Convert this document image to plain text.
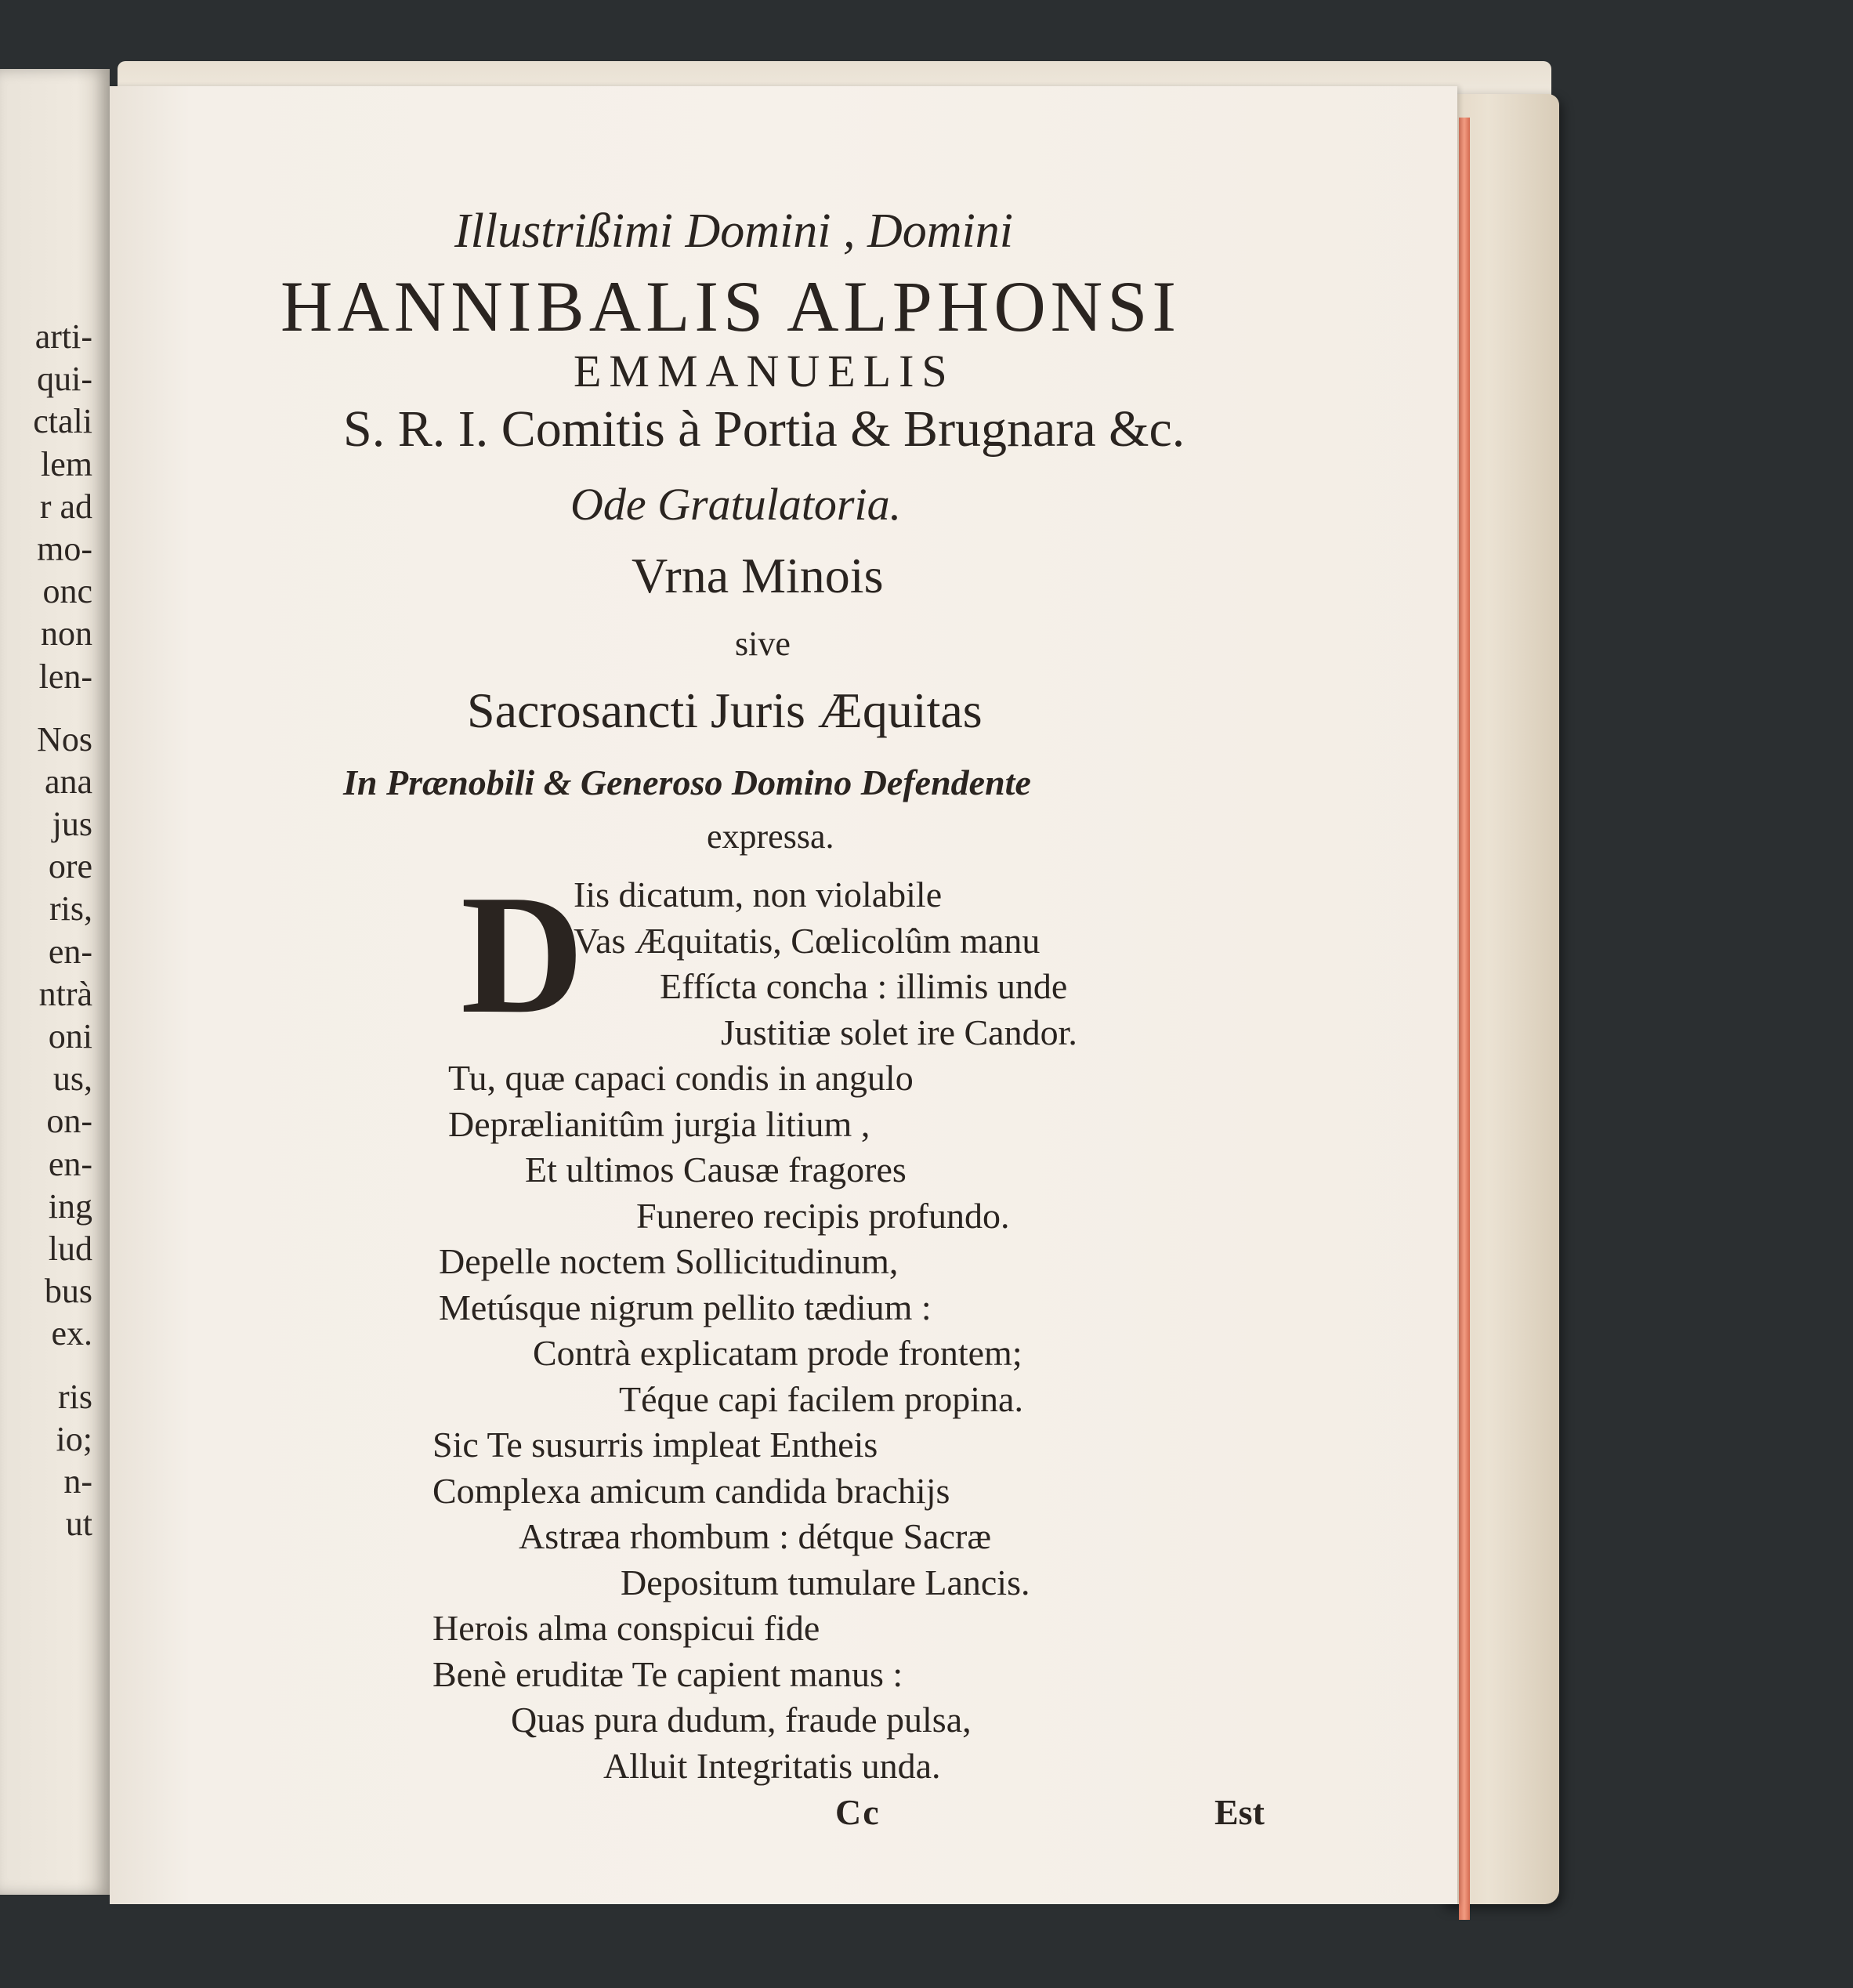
arti-
qui-
ctali
lem
r ad
mo-
onc
non
len-
Nos
ana
jus
ore
ris,
en-
ntrà
oni
us,
on-
en-
ing
lud
bus
ex.
ris
io;
n-
ut
Illustrißimi Domini , Domini
HANNIBALIS ALPHONSI
EMMANUELIS
S. R. I. Comitis à Portia & Brugnara &c.
Ode Gratulatoria.
Vrna Minois
sive
Sacrosancti Juris Æquitas
In Prænobili & Generoso Domino Defendente
expressa.
D
Iis dicatum, non violabile
Vas Æquitatis, Cœlicolûm manu
Effícta concha : illimis unde
Justitiæ solet ire Candor.
Tu, quæ capaci condis in angulo
Deprælianitûm jurgia litium ,
Et ultimos Causæ fragores
Funereo recipis profundo.
Depelle noctem Sollicitudinum,
Metúsque nigrum pellito tædium :
Contrà explicatam prode frontem;
Téque capi facilem propina.
Sic Te susurris impleat Entheis
Complexa amicum candida brachijs
Astræa rhombum : détque Sacræ
Depositum tumulare Lancis.
Herois alma conspicui fide
Benè eruditæ Te capient manus :
Quas pura dudum, fraude pulsa,
Alluit Integritatis unda.
Cc	Est
